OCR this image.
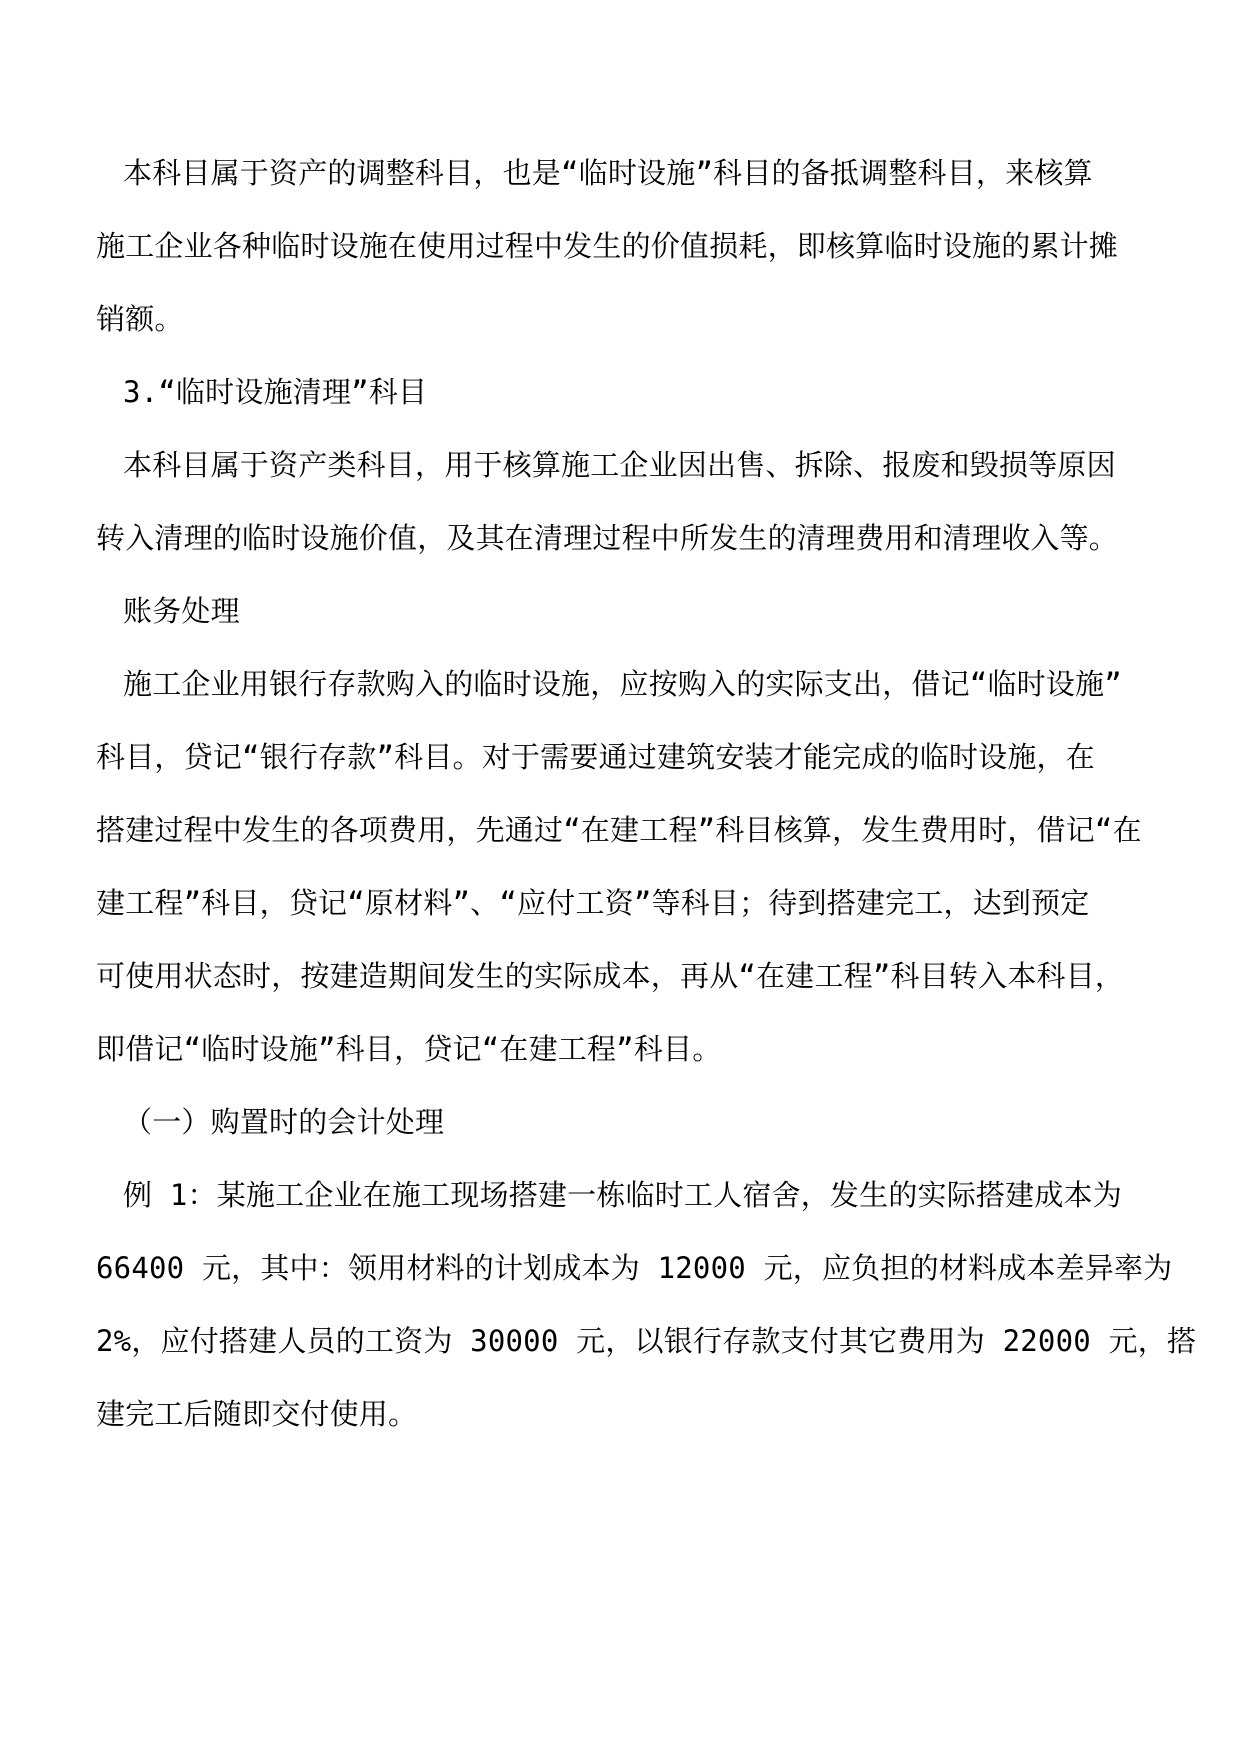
本科目属于资产的调整科目，也是“临时设施”科目的备抵调整科目，来核算
施工企业各种临时设施在使用过程中发生的价值损耗，即核算临时设施的累计摊
销额。
3.“临时设施清理”科目
本科目属于资产类科目，用于核算施工企业因出售、拆除、报废和毁损等原因
转入清理的临时设施价值，及其在清理过程中所发生的清理费用和清理收入等。
账务处理
施工企业用银行存款购入的临时设施，应按购入的实际支出，借记“临时设施”
科目，贷记“银行存款”科目。对于需要通过建筑安装才能完成的临时设施，在
搭建过程中发生的各项费用，先通过“在建工程”科目核算，发生费用时，借记“在
建工程”科目，贷记“原材料”、“应付工资”等科目；待到搭建完工，达到预定
可使用状态时，按建造期间发生的实际成本，再从“在建工程”科目转入本科目，
即借记“临时设施”科目，贷记“在建工程”科目。
（一）购置时的会计处理
例 1：某施工企业在施工现场搭建一栋临时工人宿舍，发生的实际搭建成本为
66400 元，其中：领用材料的计划成本为 12000 元，应负担的材料成本差异率为
2%，应付搭建人员的工资为 30000 元，以银行存款支付其它费用为 22000 元，搭
建完工后随即交付使用。
